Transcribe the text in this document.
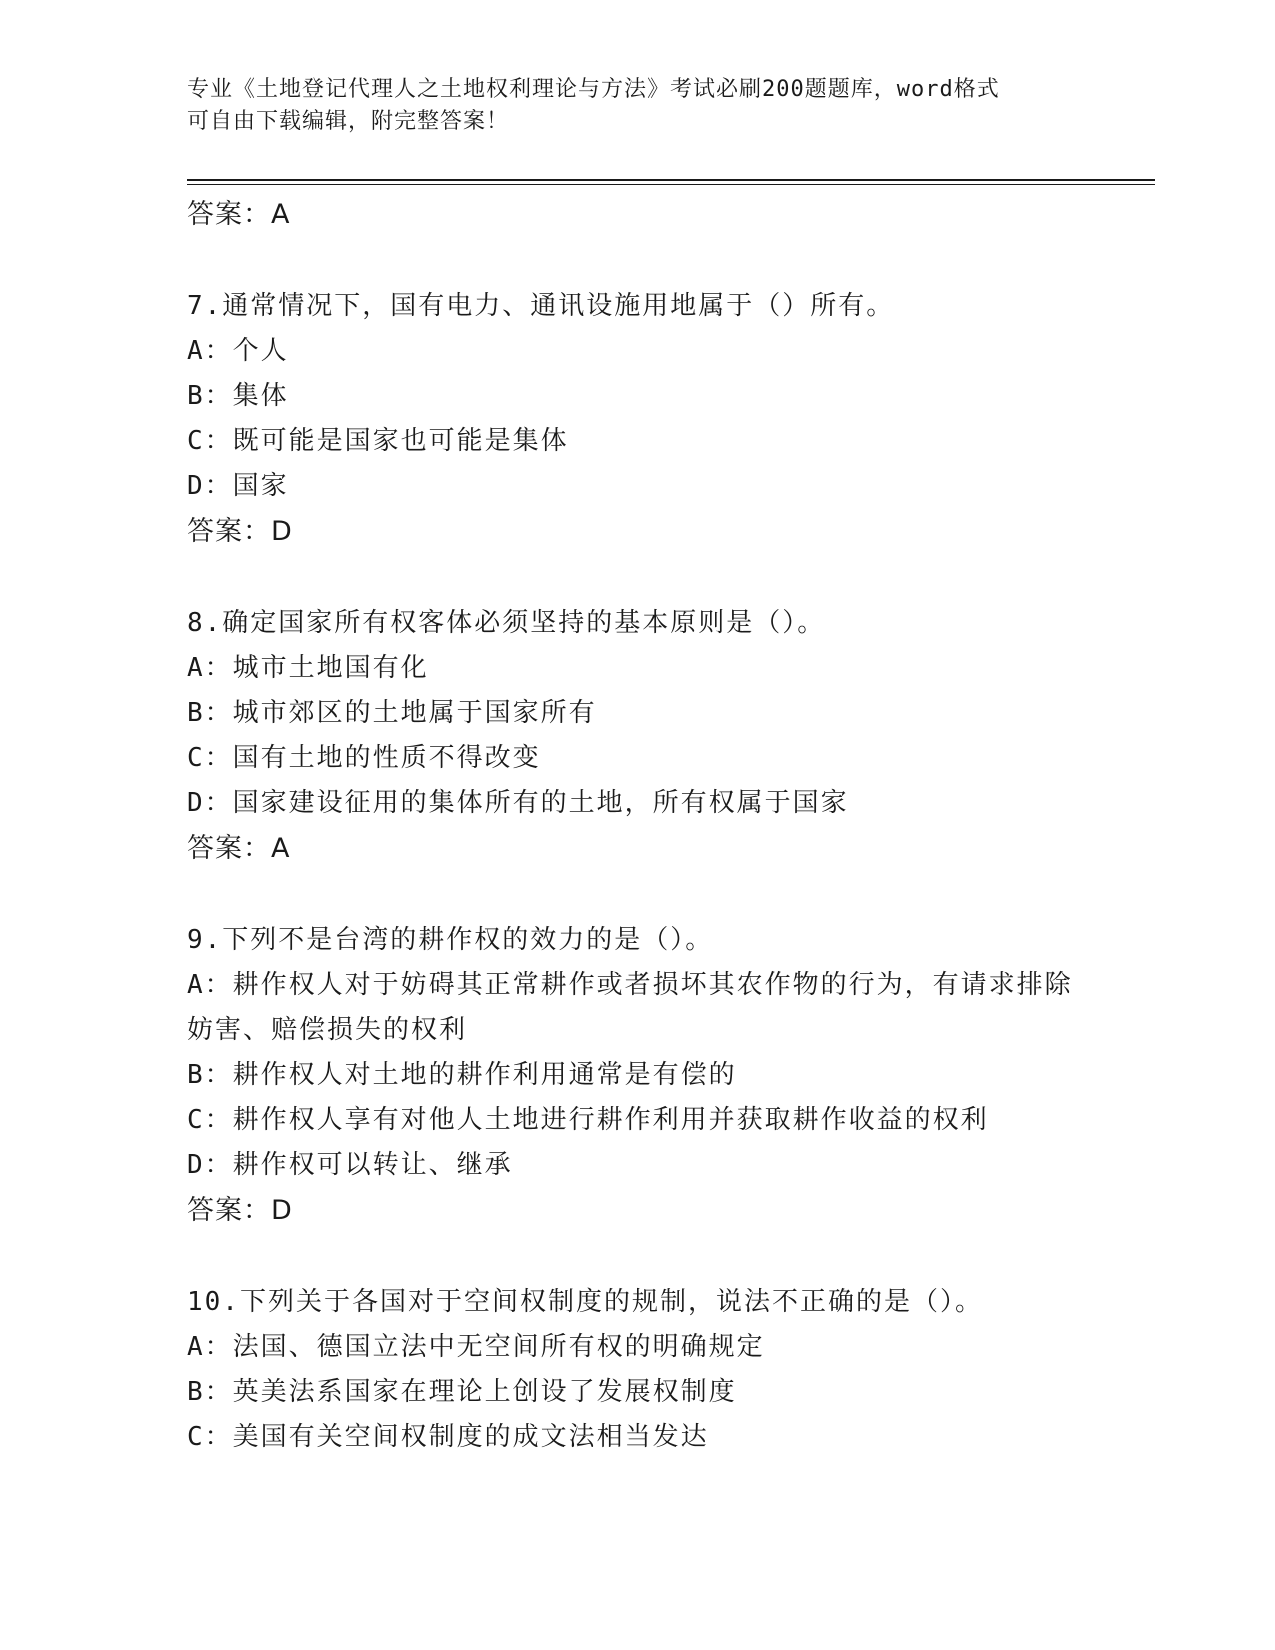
专业《土地登记代理人之土地权利理论与方法》考试必刷200题题库，word格式
可自由下载编辑，附完整答案！
答案：A
7.通常情况下，国有电力、通讯设施用地属于（）所有。
A：个人
B：集体
C：既可能是国家也可能是集体
D：国家
答案：D
8.确定国家所有权客体必须坚持的基本原则是（）。
A：城市土地国有化
B：城市郊区的土地属于国家所有
C：国有土地的性质不得改变
D：国家建设征用的集体所有的土地，所有权属于国家
答案：A
9.下列不是台湾的耕作权的效力的是（）。
A：耕作权人对于妨碍其正常耕作或者损坏其农作物的行为，有请求排除妨害、赔偿损失的权利
B：耕作权人对土地的耕作利用通常是有偿的
C：耕作权人享有对他人土地进行耕作利用并获取耕作收益的权利
D：耕作权可以转让、继承
答案：D
10.下列关于各国对于空间权制度的规制，说法不正确的是（）。
A：法国、德国立法中无空间所有权的明确规定
B：英美法系国家在理论上创设了发展权制度
C：美国有关空间权制度的成文法相当发达
